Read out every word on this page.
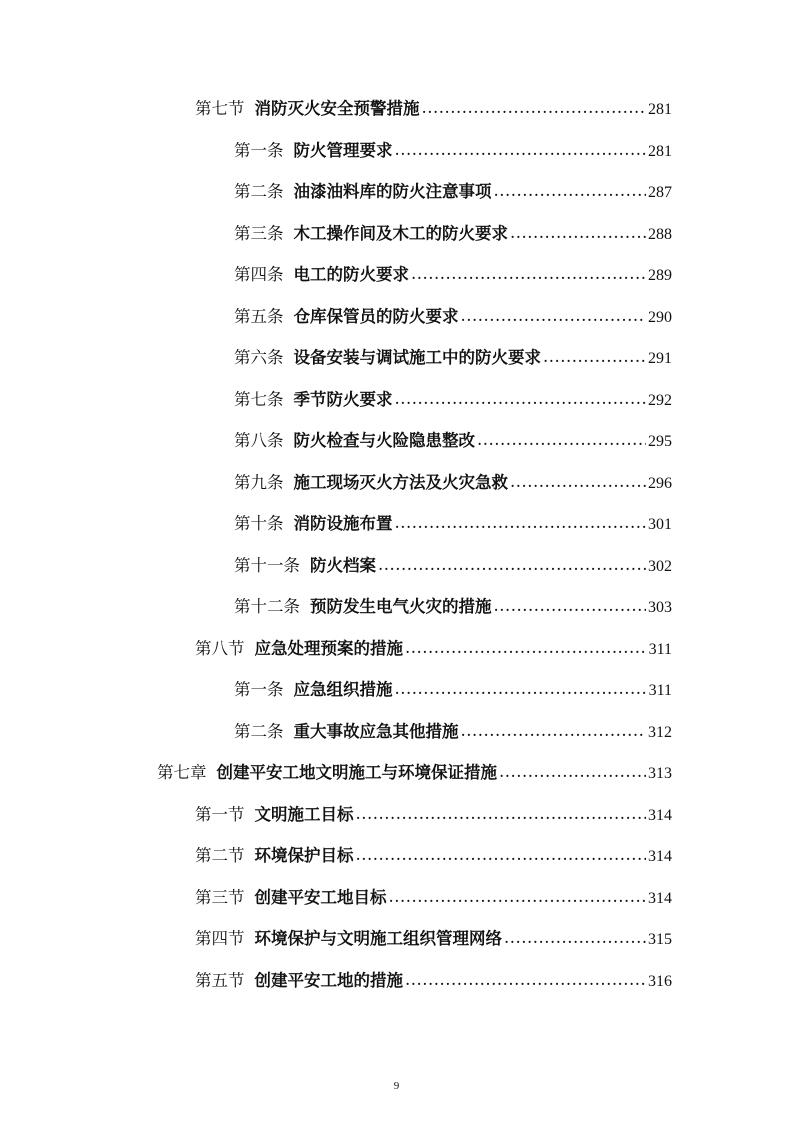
第七节 消防灭火安全预警措施 .....	281
第一条 防火管理要求 .....	281
第二条 油漆油料库的防火注意事项 .....	287
第三条 木工操作间及木工的防火要求 .....	288
第四条 电工的防火要求 .....	289
第五条 仓库保管员的防火要求 .....	290
第六条 设备安装与调试施工中的防火要求 .....	291
第七条 季节防火要求 .....	292
第八条 防火检查与火险隐患整改 .....	295
第九条 施工现场灭火方法及火灾急救 .....	296
第十条 消防设施布置 .....	301
第十一条 防火档案 .....	302
第十二条 预防发生电气火灾的措施 .....	303
第八节 应急处理预案的措施 .....	311
第一条 应急组织措施 .....	311
第二条 重大事故应急其他措施 .....	312
第七章 创建平安工地文明施工与环境保证措施 .....	313
第一节 文明施工目标 .....	314
第二节 环境保护目标 .....	314
第三节 创建平安工地目标 .....	314
第四节 环境保护与文明施工组织管理网络 .....	315
第五节 创建平安工地的措施 .....	316
9
